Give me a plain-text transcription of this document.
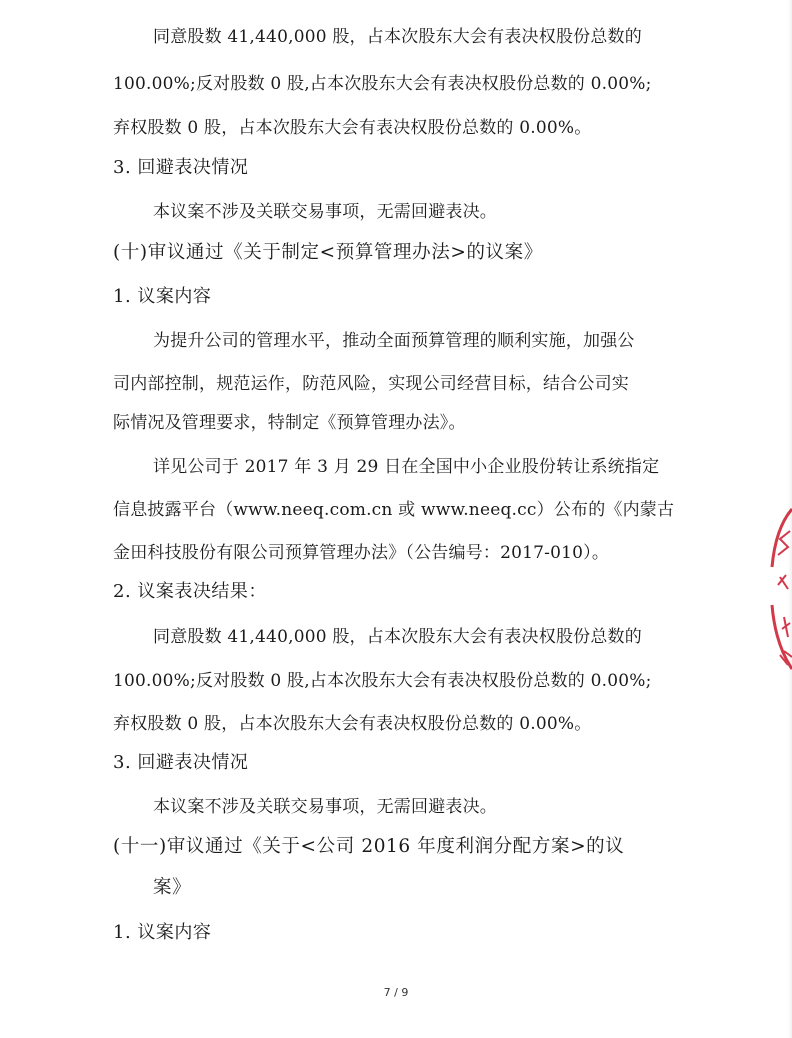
同意股数 41,440,000 股，占本次股东大会有表决权股份总数的
100.00%;反对股数 0 股,占本次股东大会有表决权股份总数的 0.00%;
弃权股数 0 股，占本次股东大会有表决权股份总数的 0.00%。
3. 回避表决情况
本议案不涉及关联交易事项，无需回避表决。
(十)审议通过《关于制定<预算管理办法>的议案》
1. 议案内容
为提升公司的管理水平，推动全面预算管理的顺利实施，加强公
司内部控制，规范运作，防范风险，实现公司经营目标，结合公司实
际情况及管理要求，特制定《预算管理办法》。
详见公司于 2017 年 3 月 29 日在全国中小企业股份转让系统指定
信息披露平台（www.neeq.com.cn 或 www.neeq.cc）公布的《内蒙古
金田科技股份有限公司预算管理办法》（公告编号：2017-010）。
2. 议案表决结果：
同意股数 41,440,000 股，占本次股东大会有表决权股份总数的
100.00%;反对股数 0 股,占本次股东大会有表决权股份总数的 0.00%;
弃权股数 0 股，占本次股东大会有表决权股份总数的 0.00%。
3. 回避表决情况
本议案不涉及关联交易事项，无需回避表决。
(十一)审议通过《关于<公司 2016 年度利润分配方案>的议
案》
1. 议案内容
7 / 9
